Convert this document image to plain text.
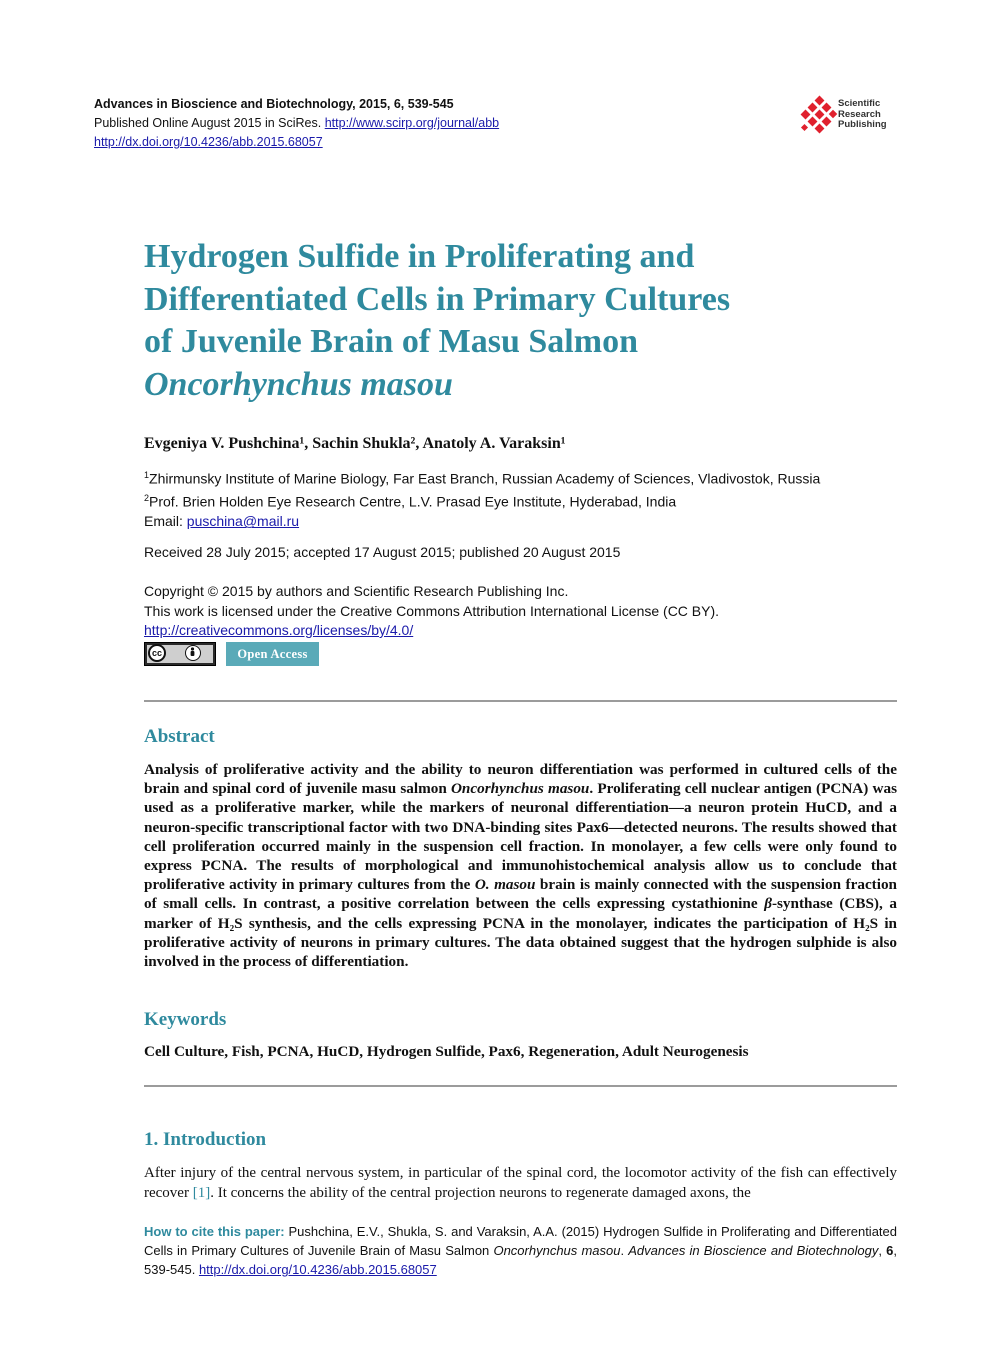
Advances in Bioscience and Biotechnology, 2015, 6, 539-545
Published Online August 2015 in SciRes. http://www.scirp.org/journal/abb
http://dx.doi.org/10.4236/abb.2015.68057
Scientific
Research
Publishing
Hydrogen Sulfide in Proliferating and
Differentiated Cells in Primary Cultures
of Juvenile Brain of Masu Salmon
Oncorhynchus masou
Evgeniya V. Pushchina¹, Sachin Shukla², Anatoly A. Varaksin¹
$^1$Zhirmunsky Institute of Marine Biology, Far East Branch, Russian Academy of Sciences, Vladivostok, Russia
$^2$Prof. Brien Holden Eye Research Centre, L.V. Prasad Eye Institute, Hyderabad, India
Email: puschina@mail.ru
Received 28 July 2015; accepted 17 August 2015; published 20 August 2015
Copyright © 2015 by authors and Scientific Research Publishing Inc.
This work is licensed under the Creative Commons Attribution International License (CC BY).
http://creativecommons.org/licenses/by/4.0/
cc	Open Access
Abstract
Analysis of proliferative activity and the ability to neuron differentiation was performed in cultured cells of the brain and spinal cord of juvenile masu salmon Oncorhynchus masou. Proliferating cell nuclear antigen (PCNA) was used as a proliferative marker, while the markers of neuronal differentiation—a neuron protein HuCD, and a neuron-specific transcriptional factor with two DNA-binding sites Pax6—detected neurons. The results showed that cell proliferation occurred mainly in the suspension cell fraction. In monolayer, a few cells were only found to express PCNA. The results of morphological and immunohistochemical analysis allow us to conclude that proliferative activity in primary cultures from the O. masou brain is mainly connected with the suspension fraction of small cells. In contrast, a positive correlation between the cells expressing cystathionine β-synthase (CBS), a marker of H₂S synthesis, and the cells expressing PCNA in the monolayer, indicates the participation of H₂S in proliferative activity of neurons in primary cultures. The data obtained suggest that the hydrogen sulphide is also involved in the process of differentiation.
Keywords
Cell Culture, Fish, PCNA, HuCD, Hydrogen Sulfide, Pax6, Regeneration, Adult Neurogenesis
1. Introduction
After injury of the central nervous system, in particular of the spinal cord, the locomotor activity of the fish can effectively recover [1]. It concerns the ability of the central projection neurons to regenerate damaged axons, the
How to cite this paper: Pushchina, E.V., Shukla, S. and Varaksin, A.A. (2015) Hydrogen Sulfide in Proliferating and Differentiated Cells in Primary Cultures of Juvenile Brain of Masu Salmon Oncorhynchus masou. Advances in Bioscience and Biotechnology, 6, 539-545. http://dx.doi.org/10.4236/abb.2015.68057
